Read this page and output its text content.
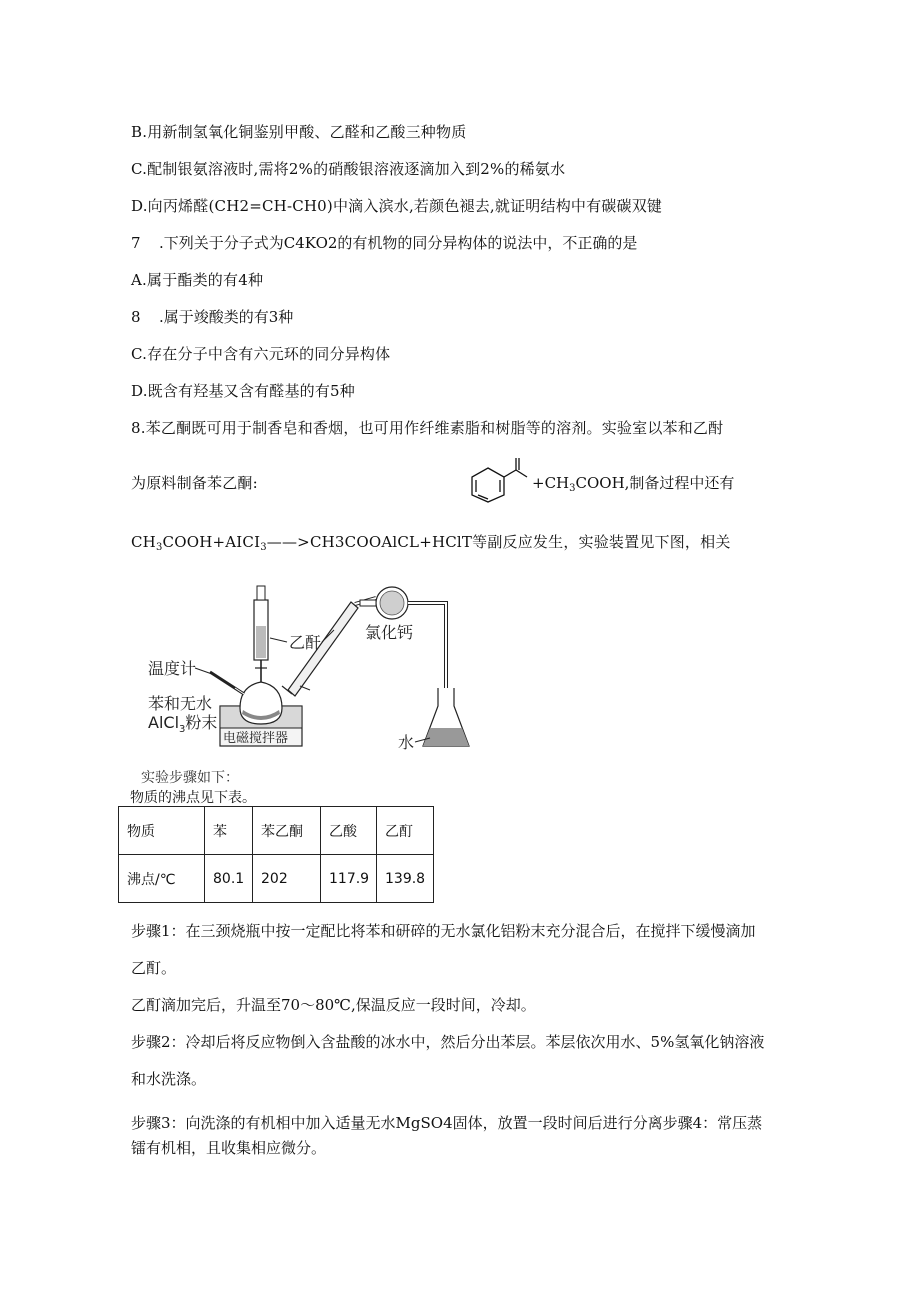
B.用新制氢氧化铜鉴别甲酸、乙醛和乙酸三种物质
C.配制银氨溶液时,需将2%的硝酸银溶液逐滴加入到2%的稀氨水
D.向丙烯醛(CH2=CH-CH0)中滴入滨水,若颜色褪去,就证明结构中有碳碳双键
7 .下列关于分子式为C4KO2的有机物的同分异构体的说法中，不正确的是
A.属于酯类的有4种
8 .属于竣酸类的有3种
C.存在分子中含有六元环的同分异构体
D.既含有羟基又含有醛基的有5种
8.苯乙酮既可用于制香皂和香烟，也可用作纤维素脂和树脂等的溶剂。实验室以苯和乙酎
为原料制备苯乙酮:	$+CH_3COOH$,制备过程中还有
$CH_3COOH+AICI_3——>CH3COOAlCL+HClT$等副反应发生，实验装置见下图，相关
电磁搅拌器
乙酐
温度计
氯化钙
水
苯和无水
AlCl$_3$粉末
实验步骤如下：
物质的沸点见下表。
物质	苯	苯乙酮	乙酸	乙酊
沸点/℃	80.1	202	117.9	139.8
步骤1：在三颈烧瓶中按一定配比将苯和研碎的无水氯化铝粉末充分混合后，在搅拌下缓慢滴加
乙酊。
乙酊滴加完后，升温至70～80℃,保温反应一段时间，冷却。
步骤2：冷却后将反应物倒入含盐酸的冰水中，然后分出苯层。苯层依次用水、5%氢氧化钠溶液
和水洗涤。
步骤3：向洗涤的有机相中加入适量无水MgSO4固体，放置一段时间后进行分离步骤4：常压蒸
镭有机相，且收集相应微分。
